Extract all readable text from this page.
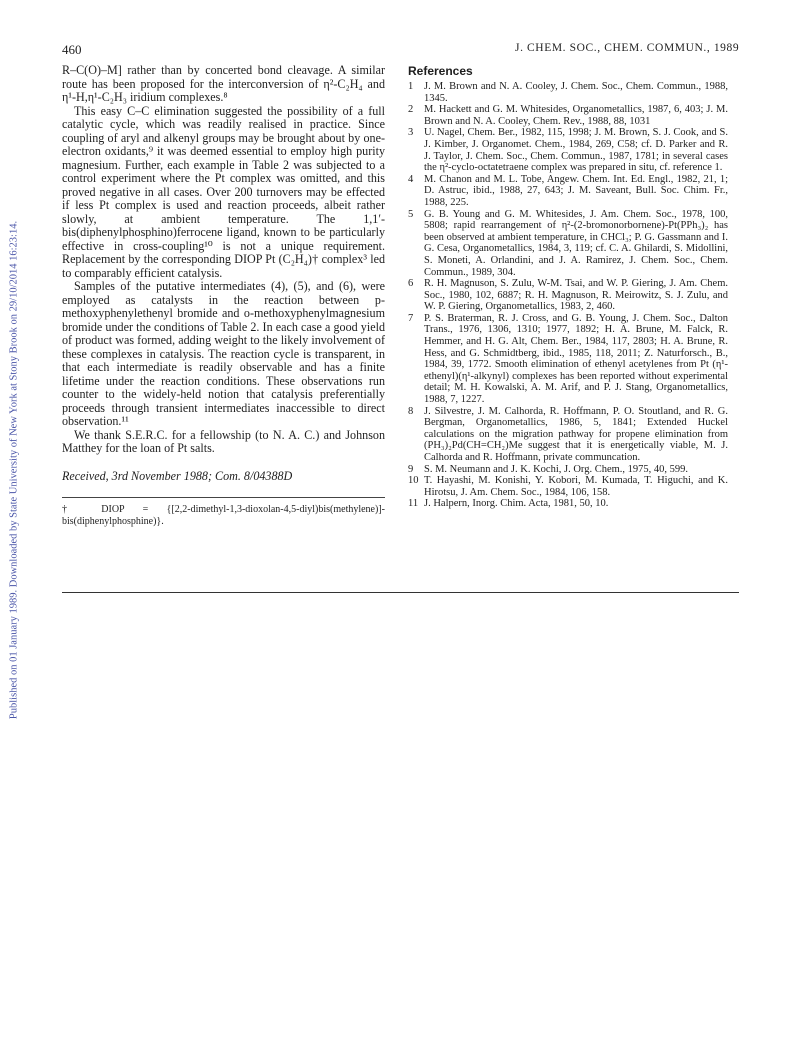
Published on 01 January 1989. Downloaded by State University of New York at Stony Brook on 29/10/2014 16:23:14.
460	J. CHEM. SOC., CHEM. COMMUN., 1989

R–C(O)–M] rather than by concerted bond cleavage. A similar route has been proposed for the interconversion of η²-C₂H₄ and η¹-H,η¹-C₂H₃ iridium complexes.⁸

This easy C–C elimination suggested the possibility of a full catalytic cycle, which was readily realised in practice. Since coupling of aryl and alkenyl groups may be brought about by one-electron oxidants,⁹ it was deemed essential to employ high purity magnesium. Further, each example in Table 2 was subjected to a control experiment where the Pt complex was omitted, and this proved negative in all cases. Over 200 turnovers may be effected if less Pt complex is used and reaction proceeds, albeit rather slowly, at ambient temperature. The 1,1′-bis(diphenylphosphino)ferrocene ligand, known to be particularly effective in cross-coupling¹⁰ is not a unique requirement. Replacement by the corresponding DIOP Pt (C₂H₄)† complex³ led to comparably efficient catalysis.

Samples of the putative intermediates (4), (5), and (6), were employed as catalysts in the reaction between p-methoxyphenylethenyl bromide and o-methoxyphenylmagnesium bromide under the conditions of Table 2. In each case a good yield of product was formed, adding weight to the likely involvement of these complexes in catalysis. The reaction cycle is transparent, in that each intermediate is readily observable and has a finite lifetime under the reaction conditions. These observations run counter to the widely-held notion that catalysis preferentially proceeds through transient intermediates inaccessible to direct observation.¹¹

We thank S.E.R.C. for a fellowship (to N. A. C.) and Johnson Matthey for the loan of Pt salts.

Received, 3rd November 1988; Com. 8/04388D
† DIOP = {[2,2-dimethyl-1,3-dioxolan-4,5-diyl)bis(methylene)]-bis(diphenylphosphine)}.
References
1 J. M. Brown and N. A. Cooley, J. Chem. Soc., Chem. Commun., 1988, 1345.
2 M. Hackett and G. M. Whitesides, Organometallics, 1987, 6, 403; J. M. Brown and N. A. Cooley, Chem. Rev., 1988, 88, 1031
3 U. Nagel, Chem. Ber., 1982, 115, 1998; J. M. Brown, S. J. Cook, and S. J. Kimber, J. Organomet. Chem., 1984, 269, C58; cf. D. Parker and R. J. Taylor, J. Chem. Soc., Chem. Commun., 1987, 1781; in several cases the η²-cyclo-octatetraene complex was prepared in situ, cf. reference 1.
4 M. Chanon and M. L. Tobe, Angew. Chem. Int. Ed. Engl., 1982, 21, 1; D. Astruc, ibid., 1988, 27, 643; J. M. Saveant, Bull. Soc. Chim. Fr., 1988, 225.
5 G. B. Young and G. M. Whitesides, J. Am. Chem. Soc., 1978, 100, 5808; rapid rearrangement of η²-(2-bromonorbornene)-Pt(PPh₃)₂ has been observed at ambient temperature, in CHCl₃; P. G. Gassmann and I. G. Cesa, Organometallics, 1984, 3, 119; cf. C. A. Ghilardi, S. Midollini, S. Moneti, A. Orlandini, and J. A. Ramirez, J. Chem. Soc., Chem. Commun., 1989, 304.
6 R. H. Magnuson, S. Zulu, W-M. Tsai, and W. P. Giering, J. Am. Chem. Soc., 1980, 102, 6887; R. H. Magnuson, R. Meirowitz, S. J. Zulu, and W. P. Giering, Organometallics, 1983, 2, 460.
7 P. S. Braterman, R. J. Cross, and G. B. Young, J. Chem. Soc., Dalton Trans., 1976, 1306, 1310; 1977, 1892; H. A. Brune, M. Falck, R. Hemmer, and H. G. Alt, Chem. Ber., 1984, 117, 2803; H. A. Brune, R. Hess, and G. Schmidtberg, ibid., 1985, 118, 2011; Z. Naturforsch., B., 1984, 39, 1772. Smooth elimination of ethenyl acetylenes from Pt (η¹-ethenyl)(η¹-alkynyl) complexes has been reported without experimental detail; M. H. Kowalski, A. M. Arif, and P. J. Stang, Organometallics, 1988, 7, 1227.
8 J. Silvestre, J. M. Calhorda, R. Hoffmann, P. O. Stoutland, and R. G. Bergman, Organometallics, 1986, 5, 1841; Extended Huckel calculations on the migration pathway for propene elimination from (PH₃)₂Pd(CH=CH₂)Me suggest that it is energetically viable, M. J. Calhorda and R. Hoffmann, private communcation.
9 S. M. Neumann and J. K. Kochi, J. Org. Chem., 1975, 40, 599.
10 T. Hayashi, M. Konishi, Y. Kobori, M. Kumada, T. Higuchi, and K. Hirotsu, J. Am. Chem. Soc., 1984, 106, 158.
11 J. Halpern, Inorg. Chim. Acta, 1981, 50, 10.
